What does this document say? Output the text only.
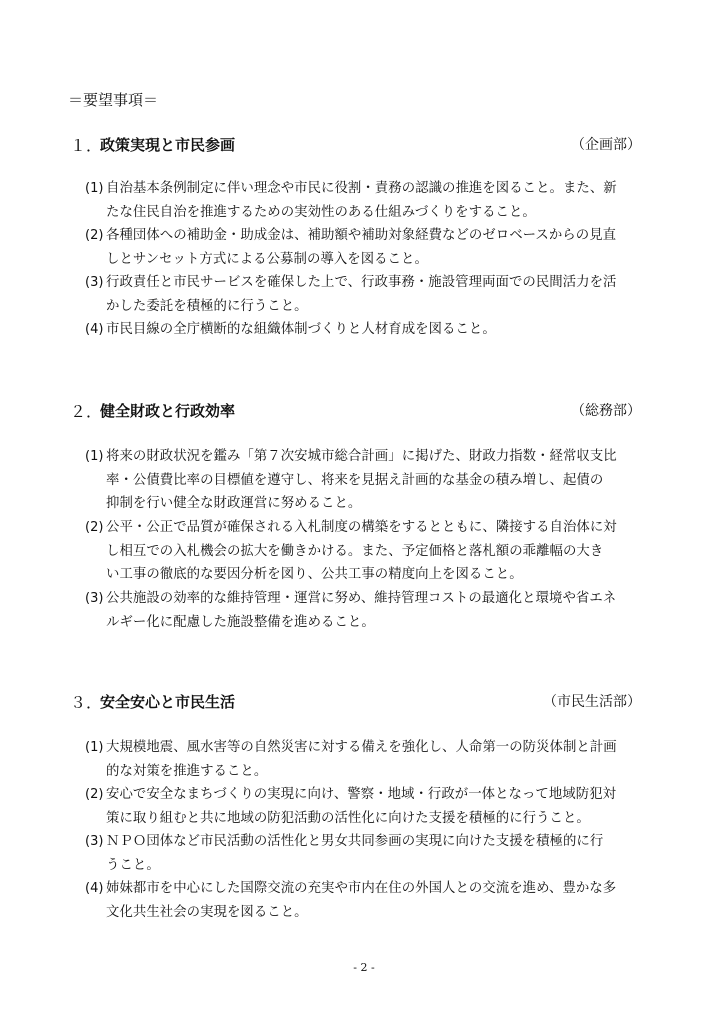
＝要望事項＝
１．
政策実現と市民参画	（企画部）
(1) 自治基本条例制定に伴い理念や市民に役割・責務の認識の推進を図ること。また、新
たな住民自治を推進するための実効性のある仕組みづくりをすること。
(2) 各種団体への補助金・助成金は、補助額や補助対象経費などのゼロベースからの見直
しとサンセット方式による公募制の導入を図ること。
(3) 行政責任と市民サービスを確保した上で、行政事務・施設管理両面での民間活力を活
かした委託を積極的に行うこと。
(4) 市民目線の全庁横断的な組織体制づくりと人材育成を図ること。
２．
健全財政と行政効率	（総務部）
(1) 将来の財政状況を鑑み「第７次安城市総合計画」に掲げた、財政力指数・経常収支比
率・公債費比率の目標値を遵守し、将来を見据え計画的な基金の積み増し、起債の
抑制を行い健全な財政運営に努めること。
(2) 公平・公正で品質が確保される入札制度の構築をするとともに、隣接する自治体に対
し相互での入札機会の拡大を働きかける。また、予定価格と落札額の乖離幅の大き
い工事の徹底的な要因分析を図り、公共工事の精度向上を図ること。
(3) 公共施設の効率的な維持管理・運営に努め、維持管理コストの最適化と環境や省エネ
ルギー化に配慮した施設整備を進めること。
３．
安全安心と市民生活	（市民生活部）
(1) 大規模地震、風水害等の自然災害に対する備えを強化し、人命第一の防災体制と計画
的な対策を推進すること。
(2) 安心で安全なまちづくりの実現に向け、警察・地域・行政が一体となって地域防犯対
策に取り組むと共に地域の防犯活動の活性化に向けた支援を積極的に行うこと。
(3) ＮＰＯ団体など市民活動の活性化と男女共同参画の実現に向けた支援を積極的に行
うこと。
(4) 姉妹都市を中心にした国際交流の充実や市内在住の外国人との交流を進め、豊かな多
文化共生社会の実現を図ること。
- 2 -
